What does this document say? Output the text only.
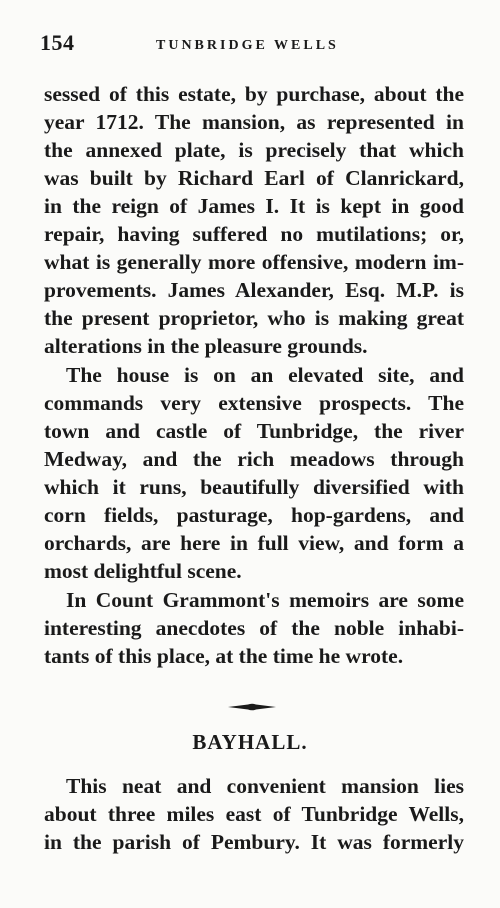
154	TUNBRIDGE WELLS
sessed of this estate, by purchase, about the
year 1712. The mansion, as represented in
the annexed plate, is precisely that which
was built by Richard Earl of Clanrickard,
in the reign of James I. It is kept in good
repair, having suffered no mutilations; or,
what is generally more offensive, modern im-
provements. James Alexander, Esq. M.P. is
the present proprietor, who is making great
alterations in the pleasure grounds.
The house is on an elevated site, and
commands very extensive prospects. The
town and castle of Tunbridge, the river
Medway, and the rich meadows through
which it runs, beautifully diversified with
corn fields, pasturage, hop-gardens, and
orchards, are here in full view, and form a
most delightful scene.
In Count Grammont's memoirs are some
interesting anecdotes of the noble inhabi-
tants of this place, at the time he wrote.
BAYHALL.
This neat and convenient mansion lies
about three miles east of Tunbridge Wells,
in the parish of Pembury. It was formerly
